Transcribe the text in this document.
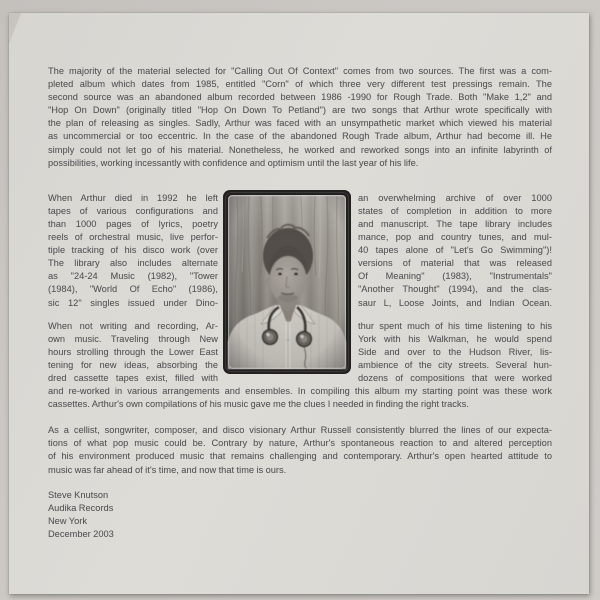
The majority of the material selected for "Calling Out Of Context" comes from two sources. The first was a com-
pleted album which dates from 1985, entitled "Corn" of which three very different test pressings remain. The
second source was an abandoned album recorded between 1986 -1990 for Rough Trade. Both "Make 1,2" and
"Hop On Down" (originally titled "Hop On Down To Petland") are two songs that Arthur wrote specifically with
the plan of releasing as singles. Sadly, Arthur was faced with an unsympathetic market which viewed his material
as uncommercial or too eccentric. In the case of the abandoned Rough Trade album, Arthur had become ill. He
simply could not let go of his material. Nonetheless, he worked and reworked songs into an infinite labyrinth of
possibilities, working incessantly with confidence and optimism until the last year of his life.
When Arthur died in 1992 he left
tapes of various configurations and
than 1000 pages of lyrics, poetry
reels of orchestral music, live perfor-
tiple tracking of his disco work (over
The library also includes alternate
as "24-24 Music (1982), "Tower
(1984), "World Of Echo" (1986),
sic 12" singles issued under Dino-
When not writing and recording, Ar-
own music. Traveling through New
hours strolling through the Lower East
tening for new ideas, absorbing the
dred cassette tapes exist, filled with
an overwhelming archive of over 1000
states of completion in addition to more
and manuscript. The tape library includes
mance, pop and country tunes, and mul-
40 tapes alone of "Let's Go Swimming")!
versions of material that was released
Of Meaning" (1983), "Instrumentals"
"Another Thought" (1994), and the clas-
saur L, Loose Joints, and Indian Ocean.
thur spent much of his time listening to his
York with his Walkman, he would spend
Side and over to the Hudson River, lis-
ambience of the city streets. Several hun-
dozens of compositions that were worked
and re-worked in various arrangements and ensembles. In compiling this album my starting point was these work
cassettes. Arthur's own compilations of his music gave me the clues I needed in finding the right tracks.
As a cellist, songwriter, composer, and disco visionary Arthur Russell consistently blurred the lines of our expecta-
tions of what pop music could be. Contrary by nature, Arthur's spontaneous reaction to and altered perception
of his environment produced music that remains challenging and contemporary. Arthur's open hearted attitude to
music was far ahead of it's time, and now that time is ours.
Steve Knutson
Audika Records
New York
December 2003
